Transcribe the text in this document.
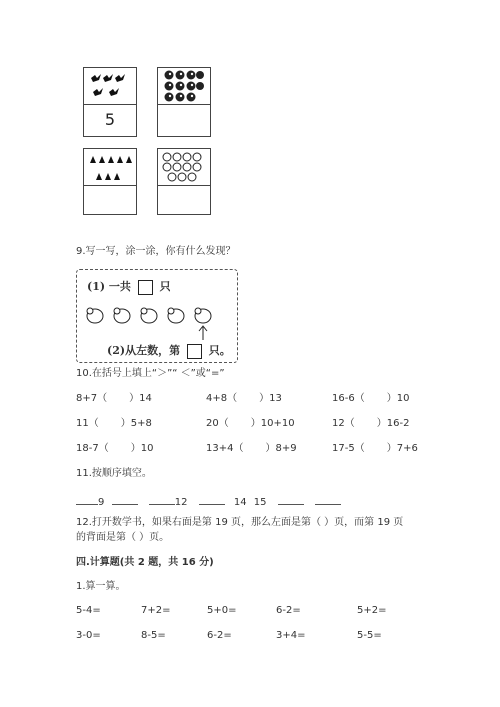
5
9.写一写，涂一涂，你有什么发现？
(1) 一共	只
(2)从左数，第	只。
10.在括号上填上“＞”“ ＜”或“=”
8+7（ ）14	4+8（ ）13	16-6（ ）10
11（ ）5+8	20（ ）10+10	12（ ）16-2
18-7（ ）10	13+4（ ）8+9	17-5（ ）7+6
11.按顺序填空。
9	12	14 15
12.打开数学书，如果右面是第 19 页，那么左面是第（ ）页，而第 19 页
的背面是第（ ）页。
四.计算题(共 2 题，共 16 分)
1.算一算。
5-4=	7+2=	5+0=	6-2=	5+2=
3-0=	8-5=	6-2=	3+4=	5-5=
